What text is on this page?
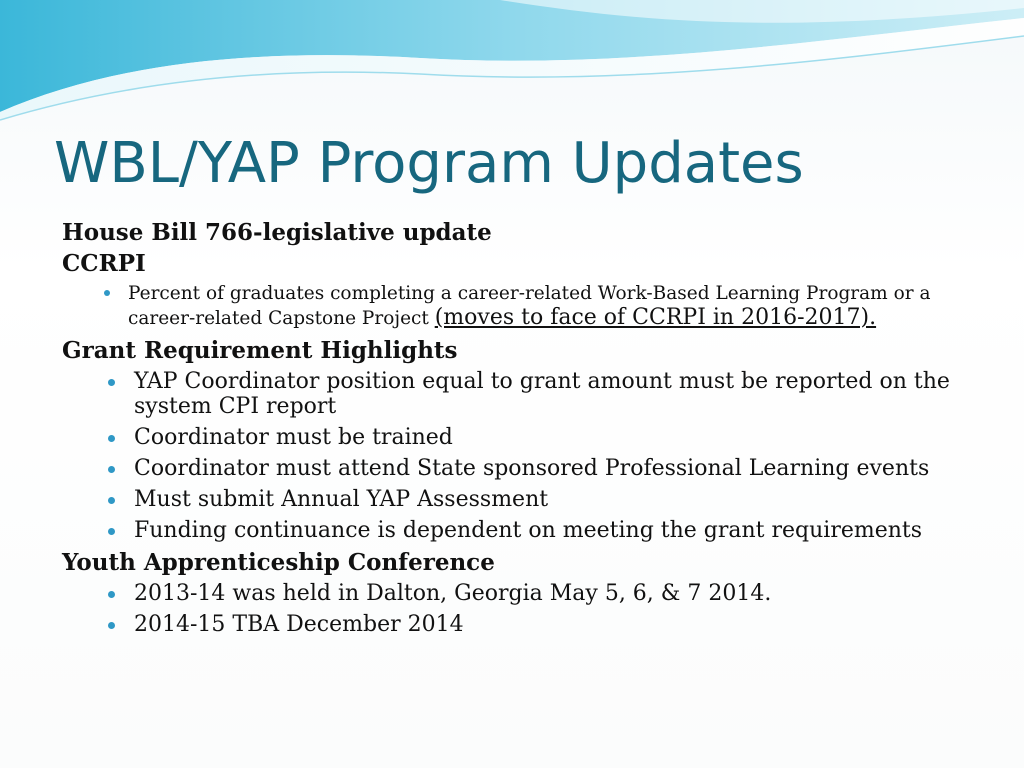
WBL/YAP Program Updates
House Bill 766-legislative update
CCRPI
Percent of graduates completing a career-related Work-Based Learning Program or a career-related Capstone Project (moves to face of CCRPI in 2016-2017).
Grant Requirement Highlights
YAP Coordinator position equal to grant amount must be reported on the system CPI report
Coordinator must be trained
Coordinator must attend State sponsored Professional Learning events
Must submit Annual YAP Assessment
Funding continuance is dependent on meeting the grant requirements
Youth Apprenticeship Conference
2013-14 was held in Dalton, Georgia May 5, 6, & 7 2014.
2014-15 TBA December 2014
